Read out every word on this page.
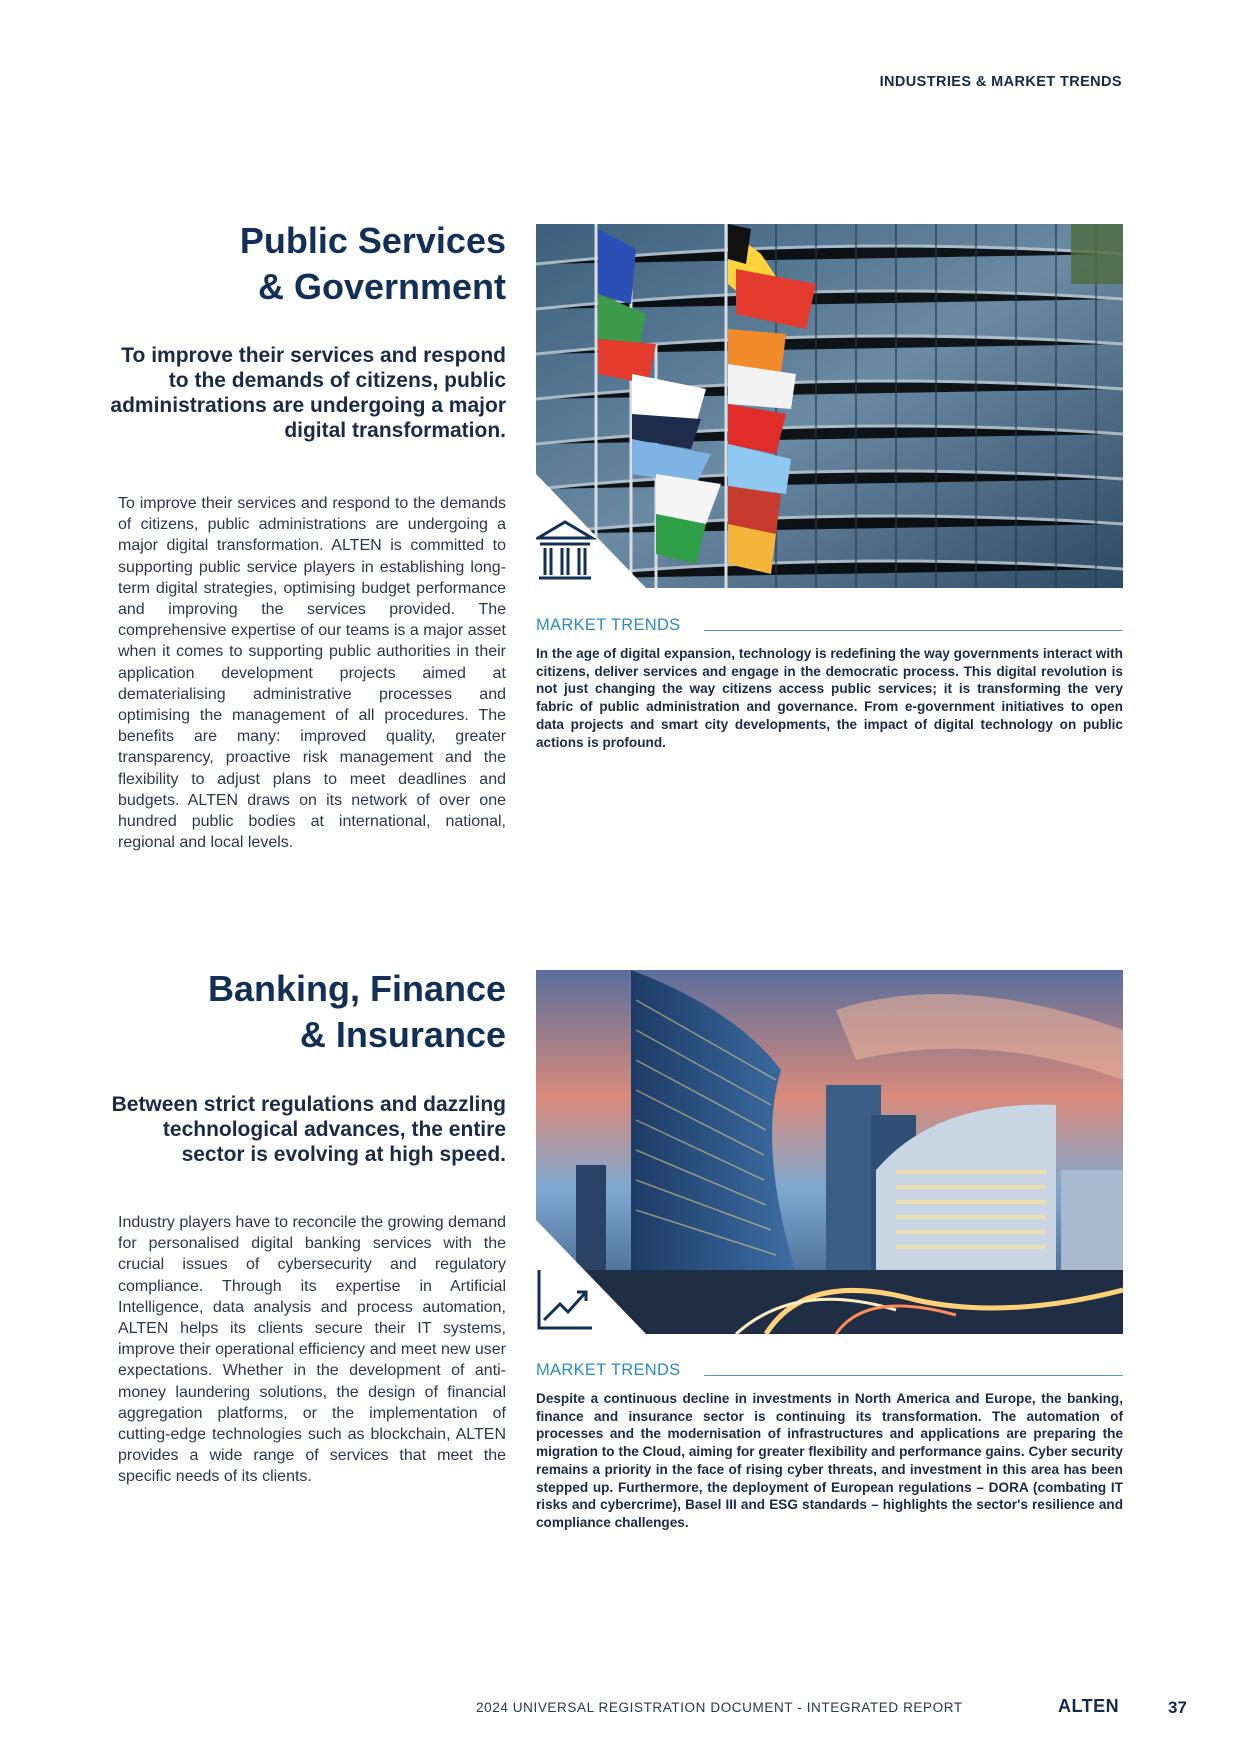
INDUSTRIES & MARKET TRENDS
Public Services
& Government
To improve their services and respond to the demands of citizens, public administrations are undergoing a major digital transformation.
To improve their services and respond to the demands of citizens, public administrations are undergoing a major digital transformation. ALTEN is committed to supporting public service players in establishing long-term digital strategies, optimising budget performance and improving the services provided. The comprehensive expertise of our teams is a major asset when it comes to supporting public authorities in their application development projects aimed at dematerialising administrative processes and optimising the management of all procedures. The benefits are many: improved quality, greater transparency, proactive risk management and the flexibility to adjust plans to meet deadlines and budgets. ALTEN draws on its network of over one hundred public bodies at international, national, regional and local levels.
MARKET TRENDS
In the age of digital expansion, technology is redefining the way governments interact with citizens, deliver services and engage in the democratic process. This digital revolution is not just changing the way citizens access public services; it is transforming the very fabric of public administration and governance. From e-government initiatives to open data projects and smart city developments, the impact of digital technology on public actions is profound.
Banking, Finance
& Insurance
Between strict regulations and dazzling technological advances, the entire sector is evolving at high speed.
Industry players have to reconcile the growing demand for personalised digital banking services with the crucial issues of cybersecurity and regulatory compliance. Through its expertise in Artificial Intelligence, data analysis and process automation, ALTEN helps its clients secure their IT systems, improve their operational efficiency and meet new user expectations. Whether in the development of anti-money laundering solutions, the design of financial aggregation platforms, or the implementation of cutting-edge technologies such as blockchain, ALTEN provides a wide range of services that meet the specific needs of its clients.
MARKET TRENDS
Despite a continuous decline in investments in North America and Europe, the banking, finance and insurance sector is continuing its transformation. The automation of processes and the modernisation of infrastructures and applications are preparing the migration to the Cloud, aiming for greater flexibility and performance gains. Cyber security remains a priority in the face of rising cyber threats, and investment in this area has been stepped up. Furthermore, the deployment of European regulations – DORA (combating IT risks and cybercrime), Basel III and ESG standards – highlights the sector's resilience and compliance challenges.
2024 UNIVERSAL REGISTRATION DOCUMENT - INTEGRATED REPORT	ALTEN	37
